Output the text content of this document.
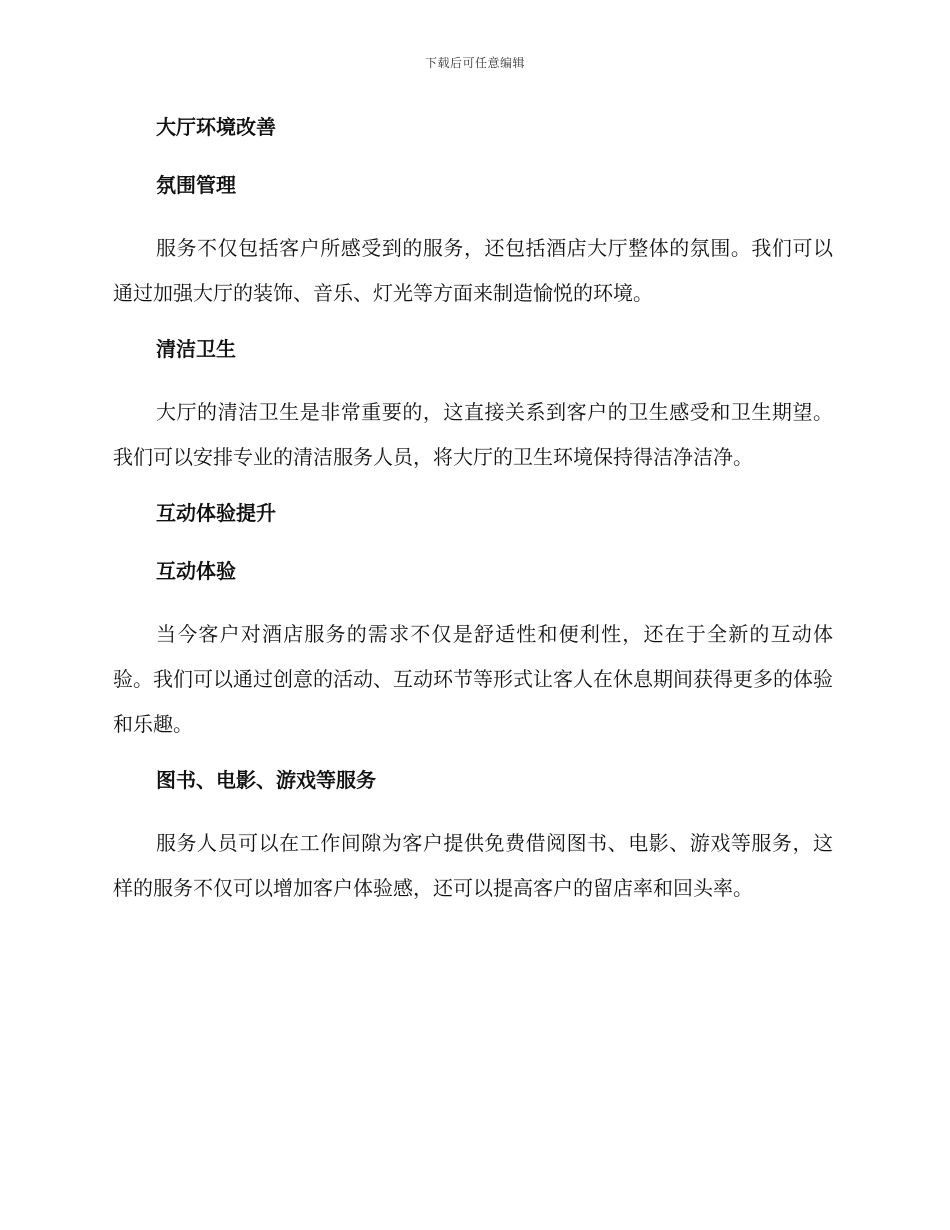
下载后可任意编辑
大厅环境改善
氛围管理

服务不仅包括客户所感受到的服务，还包括酒店大厅整体的氛围。我们可以通过加强大厅的装饰、音乐、灯光等方面来制造愉悦的环境。

清洁卫生

大厅的清洁卫生是非常重要的，这直接关系到客户的卫生感受和卫生期望。我们可以安排专业的清洁服务人员，将大厅的卫生环境保持得洁净洁净。

互动体验提升
互动体验

当今客户对酒店服务的需求不仅是舒适性和便利性，还在于全新的互动体验。我们可以通过创意的活动、互动环节等形式让客人在休息期间获得更多的体验和乐趣。

图书、电影、游戏等服务

服务人员可以在工作间隙为客户提供免费借阅图书、电影、游戏等服务，这样的服务不仅可以增加客户体验感，还可以提高客户的留店率和回头率。
